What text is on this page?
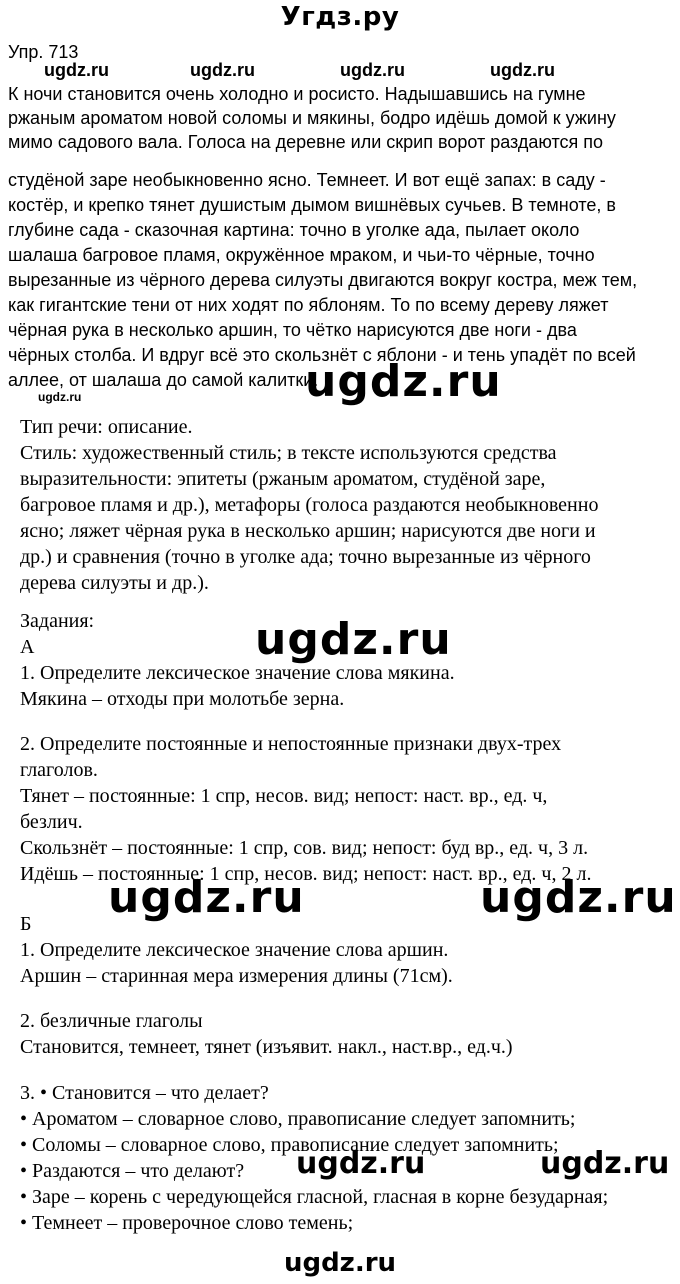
Угдз.ру
Упр. 713
К ночи становится очень холодно и росисто. Надышавшись на гумне
ржаным ароматом новой соломы и мякины, бодро идёшь домой к ужину
мимо садового вала. Голоса на деревне или скрип ворот раздаются по
студёной заре необыкновенно ясно. Темнеет. И вот ещё запах: в саду -
костёр, и крепко тянет душистым дымом вишнёвых сучьев. В темноте, в
глубине сада - сказочная картина: точно в уголке ада, пылает около
шалаша багровое пламя, окружённое мраком, и чьи-то чёрные, точно
вырезанные из чёрного дерева силуэты двигаются вокруг костра, меж тем,
как гигантские тени от них ходят по яблоням. То по всему дереву ляжет
чёрная рука в несколько аршин, то чётко нарисуются две ноги - два
чёрных столба. И вдруг всё это скользнёт с яблони - и тень упадёт по всей
аллее, от шалаша до самой калитки.
Тип речи: описание.
Стиль: художественный стиль; в тексте используются средства
выразительности: эпитеты (ржаным ароматом, студёной заре,
багровое пламя и др.), метафоры (голоса раздаются необыкновенно
ясно; ляжет чёрная рука в несколько аршин; нарисуются две ноги и
др.) и сравнения (точно в уголке ада; точно вырезанные из чёрного
дерева силуэты и др.).
Задания:
А
1. Определите лексическое значение слова мякина.
Мякина – отходы при молотьбе зерна.
2. Определите постоянные и непостоянные признаки двух-трех
глаголов.
Тянет – постоянные: 1 спр, несов. вид; непост: наст. вр., ед. ч,
безлич.
Скользнёт – постоянные: 1 спр, сов. вид; непост: буд вр., ед. ч, 3 л.
Идёшь – постоянные: 1 спр, несов. вид; непост: наст. вр., ед. ч, 2 л.
Б
1. Определите лексическое значение слова аршин.
Аршин – старинная мера измерения длины (71см).
2. безличные глаголы
Становится, темнеет, тянет (изъявит. накл., наст.вр., ед.ч.)
3. • Становится – что делает?
• Ароматом – словарное слово, правописание следует запомнить;
• Соломы – словарное слово, правописание следует запомнить;
• Раздаются – что делают?
• Заре – корень с чередующейся гласной, гласная в корне безударная;
• Темнеет – проверочное слово темень;
ugdz.ru	ugdz.ru	ugdz.ru	ugdz.ru
ugdz.ru	ugdz.ru
ugdz.ru
ugdz.ru	ugdz.ru
ugdz.ru	ugdz.ru
ugdz.ru
